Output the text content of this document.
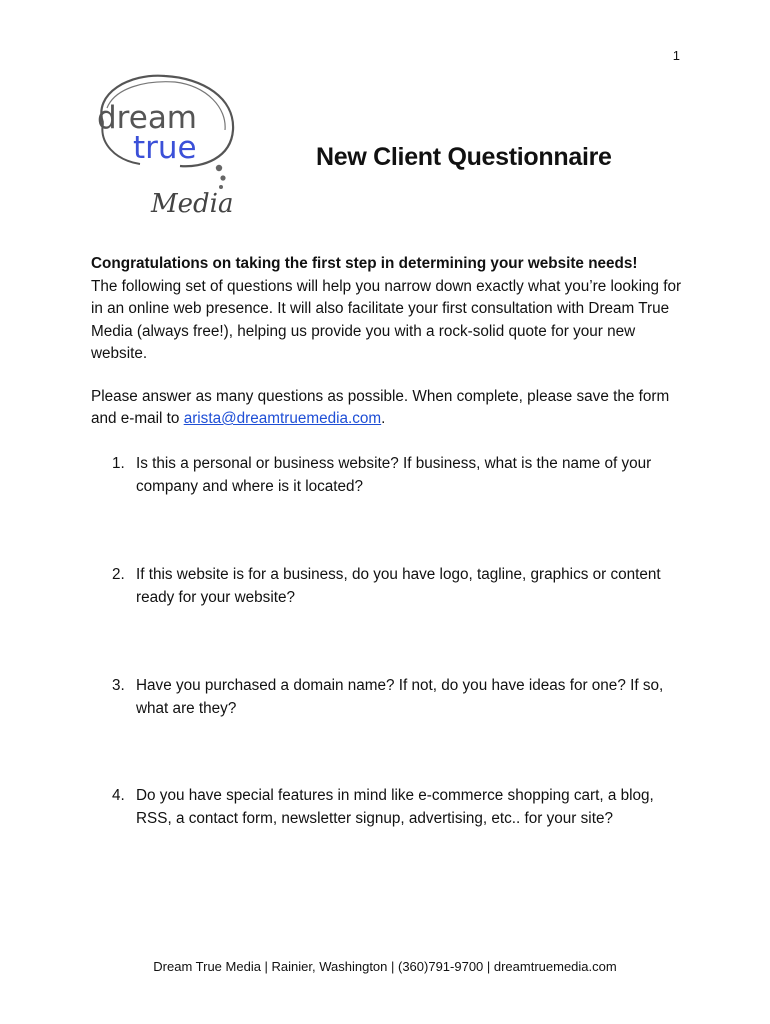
1
dream
true
Media
New Client Questionnaire

Congratulations on taking the first step in determining your website needs!
The following set of questions will help you narrow down exactly what you’re looking for in an online web presence. It will also facilitate your first consultation with Dream True Media (always free!), helping us provide you with a rock-solid quote for your new website.

Please answer as many questions as possible. When complete, please save the form and e-mail to arista@dreamtruemedia.com.

1. Is this a personal or business website? If business, what is the name of your company and where is it located?
2. If this website is for a business, do you have logo, tagline, graphics or content ready for your website?
3. Have you purchased a domain name? If not, do you have ideas for one? If so, what are they?
4. Do you have special features in mind like e-commerce shopping cart, a blog, RSS, a contact form, newsletter signup, advertising, etc.. for your site?
Dream True Media | Rainier, Washington | (360)791-9700 | dreamtruemedia.com
